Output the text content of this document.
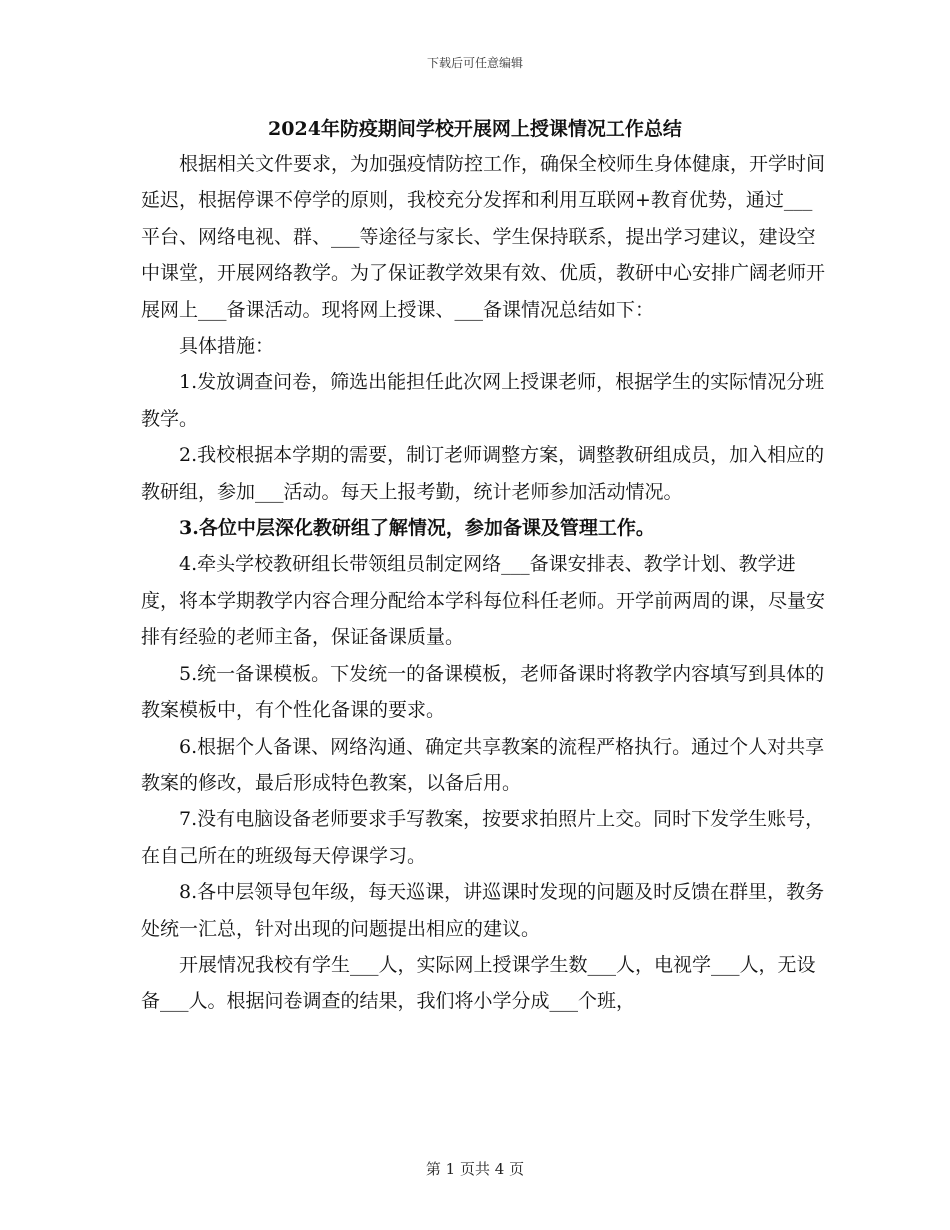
下载后可任意编辑
2024年防疫期间学校开展网上授课情况工作总结

根据相关文件要求，为加强疫情防控工作，确保全校师生身体健康，开学时间延迟，根据停课不停学的原则，我校充分发挥和利用互联网+教育优势，通过___平台、网络电视、群、___等途径与家长、学生保持联系，提出学习建议，建设空中课堂，开展网络教学。为了保证教学效果有效、优质，教研中心安排广阔老师开展网上___备课活动。现将网上授课、___备课情况总结如下：

具体措施：

1.发放调查问卷，筛选出能担任此次网上授课老师，根据学生的实际情况分班教学。

2.我校根据本学期的需要，制订老师调整方案，调整教研组成员，加入相应的教研组，参加___活动。每天上报考勤，统计老师参加活动情况。

3.各位中层深化教研组了解情况，参加备课及管理工作。

4.牵头学校教研组长带领组员制定网络___备课安排表、教学计划、教学进度，将本学期教学内容合理分配给本学科每位科任老师。开学前两周的课，尽量安排有经验的老师主备，保证备课质量。

5.统一备课模板。下发统一的备课模板，老师备课时将教学内容填写到具体的教案模板中，有个性化备课的要求。

6.根据个人备课、网络沟通、确定共享教案的流程严格执行。通过个人对共享教案的修改，最后形成特色教案，以备后用。

7.没有电脑设备老师要求手写教案，按要求拍照片上交。同时下发学生账号，在自己所在的班级每天停课学习。

8.各中层领导包年级，每天巡课，讲巡课时发现的问题及时反馈在群里，教务处统一汇总，针对出现的问题提出相应的建议。

开展情况我校有学生___人，实际网上授课学生数___人，电视学___人，无设备___人。根据问卷调查的结果，我们将小学分成___个班，

第 1 页共 4 页
